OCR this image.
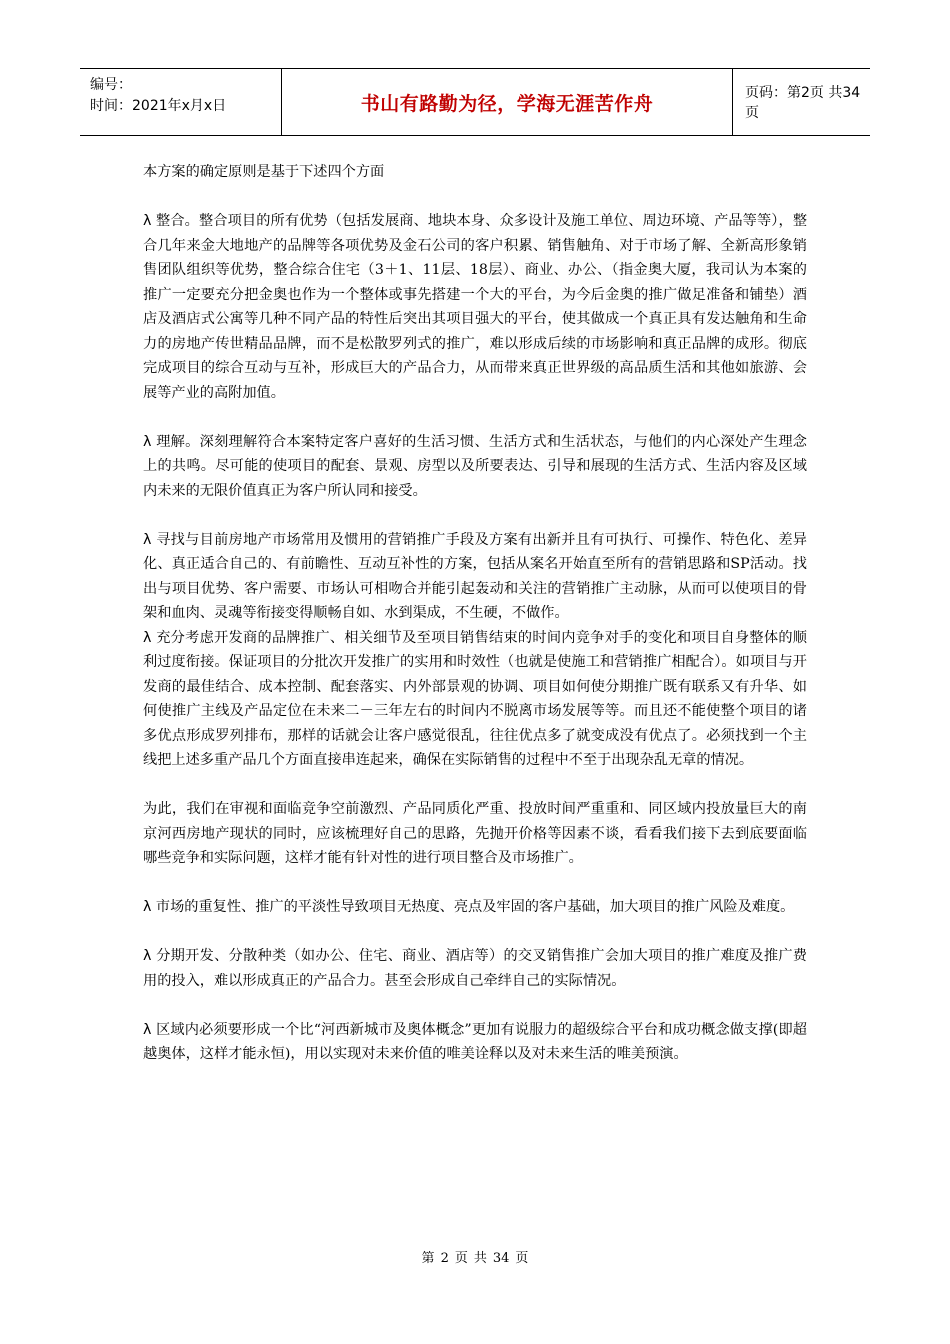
编号：
时间：2021年x月x日	书山有路勤为径，学海无涯苦作舟	页码：第2页 共34页

本方案的确定原则是基于下述四个方面

λ 整合。整合项目的所有优势（包括发展商、地块本身、众多设计及施工单位、周边环境、产品等等），整合几年来金大地地产的品牌等各项优势及金石公司的客户积累、销售触角、对于市场了解、全新高形象销售团队组织等优势，整合综合住宅（3＋1、11层、18层）、商业、办公、（指金奥大厦，我司认为本案的推广一定要充分把金奥也作为一个整体或事先搭建一个大的平台，为今后金奥的推广做足准备和铺垫）酒店及酒店式公寓等几种不同产品的特性后突出其项目强大的平台，使其做成一个真正具有发达触角和生命力的房地产传世精品品牌，而不是松散罗列式的推广，难以形成后续的市场影响和真正品牌的成形。彻底完成项目的综合互动与互补，形成巨大的产品合力，从而带来真正世界级的高品质生活和其他如旅游、会展等产业的高附加值。

λ 理解。深刻理解符合本案特定客户喜好的生活习惯、生活方式和生活状态，与他们的内心深处产生理念上的共鸣。尽可能的使项目的配套、景观、房型以及所要表达、引导和展现的生活方式、生活内容及区域内未来的无限价值真正为客户所认同和接受。

λ 寻找与目前房地产市场常用及惯用的营销推广手段及方案有出新并且有可执行、可操作、特色化、差异化、真正适合自己的、有前瞻性、互动互补性的方案，包括从案名开始直至所有的营销思路和SP活动。找出与项目优势、客户需要、市场认可相吻合并能引起轰动和关注的营销推广主动脉，从而可以使项目的骨架和血肉、灵魂等衔接变得顺畅自如、水到渠成，不生硬，不做作。

λ 充分考虑开发商的品牌推广、相关细节及至项目销售结束的时间内竞争对手的变化和项目自身整体的顺利过度衔接。保证项目的分批次开发推广的实用和时效性（也就是使施工和营销推广相配合）。如项目与开发商的最佳结合、成本控制、配套落实、内外部景观的协调、项目如何使分期推广既有联系又有升华、如何使推广主线及产品定位在未来二－三年左右的时间内不脱离市场发展等等。而且还不能使整个项目的诸多优点形成罗列排布，那样的话就会让客户感觉很乱，往往优点多了就变成没有优点了。必须找到一个主线把上述多重产品几个方面直接串连起来，确保在实际销售的过程中不至于出现杂乱无章的情况。

为此，我们在审视和面临竞争空前激烈、产品同质化严重、投放时间严重重和、同区域内投放量巨大的南京河西房地产现状的同时，应该梳理好自己的思路，先抛开价格等因素不谈，看看我们接下去到底要面临哪些竞争和实际问题，这样才能有针对性的进行项目整合及市场推广。

λ 市场的重复性、推广的平淡性导致项目无热度、亮点及牢固的客户基础，加大项目的推广风险及难度。

λ 分期开发、分散种类（如办公、住宅、商业、酒店等）的交叉销售推广会加大项目的推广难度及推广费用的投入，难以形成真正的产品合力。甚至会形成自己牵绊自己的实际情况。

λ 区域内必须要形成一个比“河西新城市及奥体概念”更加有说服力的超级综合平台和成功概念做支撑(即超越奥体，这样才能永恒)，用以实现对未来价值的唯美诠释以及对未来生活的唯美预演。

第 2 页 共 34 页
